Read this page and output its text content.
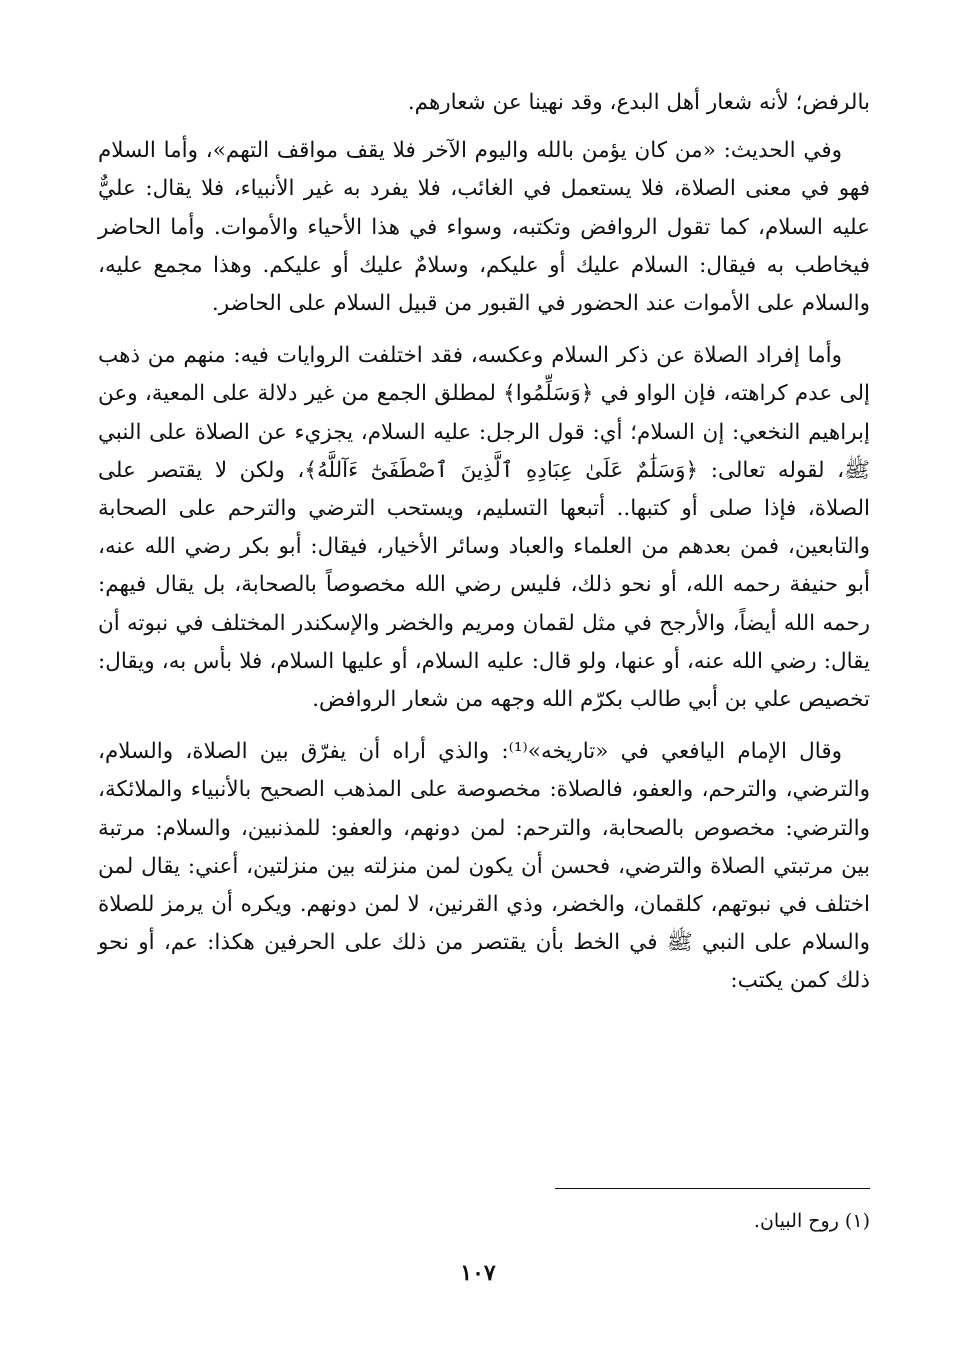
بالرفض؛ لأنه شعار أهل البدع، وقد نهينا عن شعارهم.

وفي الحديث: «من كان يؤمن بالله واليوم الآخر فلا يقف مواقف التهم»، وأما السلام فهو في معنى الصلاة، فلا يستعمل في الغائب، فلا يفرد به غير الأنبياء، فلا يقال: عليٌّ عليه السلام، كما تقول الروافض وتكتبه، وسواء في هذا الأحياء والأموات. وأما الحاضر فيخاطب به فيقال: السلام عليك أو عليكم، وسلامٌ عليك أو عليكم. وهذا مجمع عليه، والسلام على الأموات عند الحضور في القبور من قبيل السلام على الحاضر.

وأما إفراد الصلاة عن ذكر السلام وعكسه، فقد اختلفت الروايات فيه: منهم من ذهب إلى عدم كراهته، فإن الواو في ﴿وَسَلِّمُوا﴾ لمطلق الجمع من غير دلالة على المعية، وعن إبراهيم النخعي: إن السلام؛ أي: قول الرجل: عليه السلام، يجزيء عن الصلاة على النبي ﷺ، لقوله تعالى: ﴿وَسَلَٰمٌ عَلَىٰ عِبَادِهِ ٱلَّذِينَ ٱصْطَفَىٰٓ ءَآللَّهُ﴾، ولكن لا يقتصر على الصلاة، فإذا صلى أو كتبها.. أتبعها التسليم، ويستحب الترضي والترحم على الصحابة والتابعين، فمن بعدهم من العلماء والعباد وسائر الأخيار، فيقال: أبو بكر رضي الله عنه، أبو حنيفة رحمه الله، أو نحو ذلك، فليس رضي الله مخصوصاً بالصحابة، بل يقال فيهم: رحمه الله أيضاً، والأرجح في مثل لقمان ومريم والخضر والإسكندر المختلف في نبوته أن يقال: رضي الله عنه، أو عنها، ولو قال: عليه السلام، أو عليها السلام، فلا بأس به، ويقال: تخصيص علي بن أبي طالب بكرّم الله وجهه من شعار الروافض.

وقال الإمام اليافعي في «تاريخه»⁽¹⁾: والذي أراه أن يفرّق بين الصلاة، والسلام، والترضي، والترحم، والعفو، فالصلاة: مخصوصة على المذهب الصحيح بالأنبياء والملائكة، والترضي: مخصوص بالصحابة، والترحم: لمن دونهم، والعفو: للمذنبين، والسلام: مرتبة بين مرتبتي الصلاة والترضي، فحسن أن يكون لمن منزلته بين منزلتين، أعني: يقال لمن اختلف في نبوتهم، كلقمان، والخضر، وذي القرنين، لا لمن دونهم. ويكره أن يرمز للصلاة والسلام على النبي ﷺ في الخط بأن يقتصر من ذلك على الحرفين هكذا: عم، أو نحو ذلك كمن يكتب:

(١) روح البيان.
١٠٧
